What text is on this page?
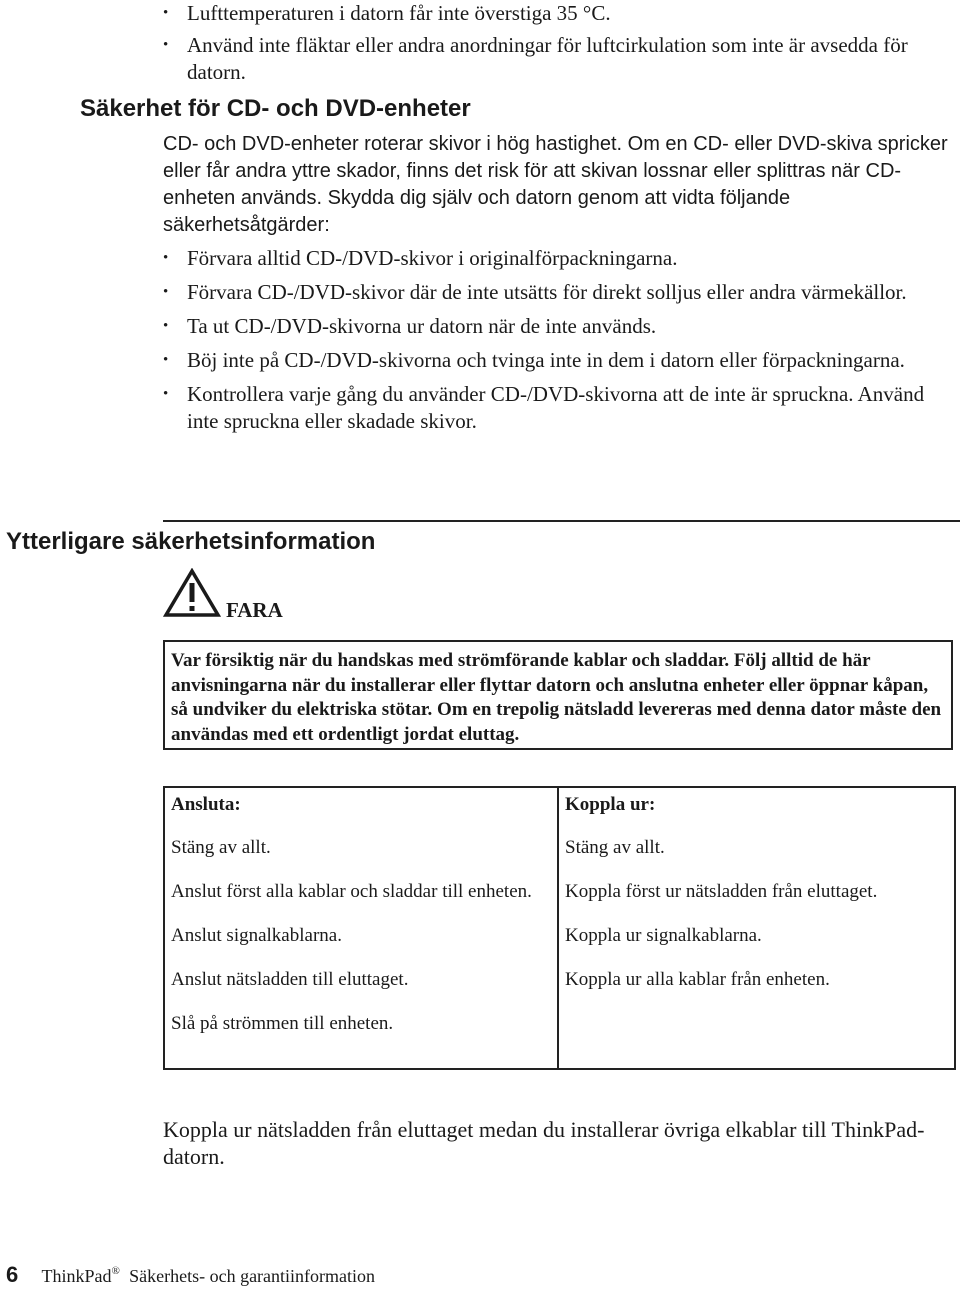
• Lufttemperaturen i datorn får inte överstiga 35 °C.
• Använd inte fläktar eller andra anordningar för luftcirkulation som inte är avsedda för datorn.
Säkerhet för CD- och DVD-enheter
CD- och DVD-enheter roterar skivor i hög hastighet. Om en CD- eller DVD-skiva spricker eller får andra yttre skador, finns det risk för att skivan lossnar eller splittras när CD-enheten används. Skydda dig själv och datorn genom att vidta följande säkerhetsåtgärder:
• Förvara alltid CD-/DVD-skivor i originalförpackningarna.
• Förvara CD-/DVD-skivor där de inte utsätts för direkt solljus eller andra värmekällor.
• Ta ut CD-/DVD-skivorna ur datorn när de inte används.
• Böj inte på CD-/DVD-skivorna och tvinga inte in dem i datorn eller förpackningarna.
• Kontrollera varje gång du använder CD-/DVD-skivorna att de inte är spruckna. Använd inte spruckna eller skadade skivor.
Ytterligare säkerhetsinformation
FARA
Var försiktig när du handskas med strömförande kablar och sladdar. Följ alltid de här anvisningarna när du installerar eller flyttar datorn och anslutna enheter eller öppnar kåpan, så undviker du elektriska stötar. Om en trepolig nätsladd levereras med denna dator måste den användas med ett ordentligt jordat eluttag.
Ansluta:
Stäng av allt.
Anslut först alla kablar och sladdar till enheten.
Anslut signalkablarna.
Anslut nätsladden till eluttaget.
Slå på strömmen till enheten.
Koppla ur:
Stäng av allt.
Koppla först ur nätsladden från eluttaget.
Koppla ur signalkablarna.
Koppla ur alla kablar från enheten.
Koppla ur nätsladden från eluttaget medan du installerar övriga elkablar till ThinkPad-datorn.
6 ThinkPad® Säkerhets- och garantiinformation
